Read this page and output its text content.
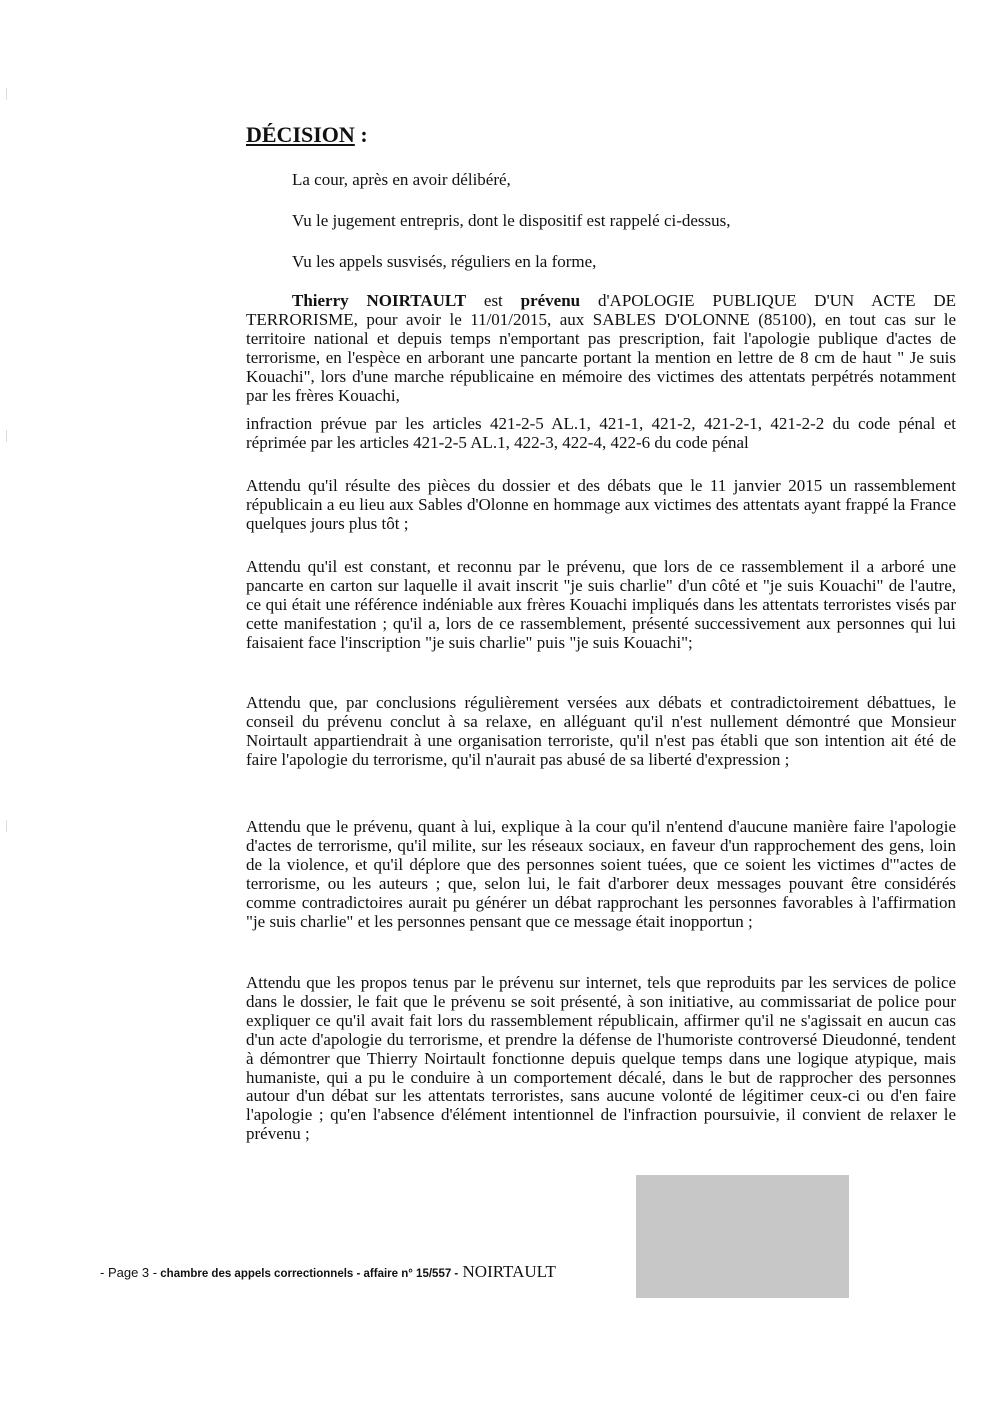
DÉCISION :

La cour, après en avoir délibéré,

Vu le jugement entrepris, dont le dispositif est rappelé ci-dessus,

Vu les appels susvisés, réguliers en la forme,

Thierry NOIRTAULT est prévenu d'APOLOGIE PUBLIQUE D'UN ACTE DE TERRORISME, pour avoir le 11/01/2015, aux SABLES D'OLONNE (85100), en tout cas sur le territoire national et depuis temps n'emportant pas prescription, fait l'apologie publique d'actes de terrorisme, en l'espèce en arborant une pancarte portant la mention en lettre de 8 cm de haut " Je suis Kouachi", lors d'une marche républicaine en mémoire des victimes des attentats perpétrés notamment par les frères Kouachi,
infraction prévue par les articles 421-2-5 AL.1, 421-1, 421-2, 421-2-1, 421-2-2 du code pénal et réprimée par les articles 421-2-5 AL.1, 422-3, 422-4, 422-6 du code pénal
Attendu qu'il résulte des pièces du dossier et des débats que le 11 janvier 2015 un rassemblement républicain a eu lieu aux Sables d'Olonne en hommage aux victimes des attentats ayant frappé la France quelques jours plus tôt ;
Attendu qu'il est constant, et reconnu par le prévenu, que lors de ce rassemblement il a arboré une pancarte en carton sur laquelle il avait inscrit "je suis charlie" d'un côté et "je suis Kouachi" de l'autre, ce qui était une référence indéniable aux frères Kouachi impliqués dans les attentats terroristes visés par cette manifestation ; qu'il a, lors de ce rassemblement, présenté successivement aux personnes qui lui faisaient face l'inscription "je suis charlie" puis "je suis Kouachi";
Attendu que, par conclusions régulièrement versées aux débats et contradictoirement débattues, le conseil du prévenu conclut à sa relaxe, en alléguant qu'il n'est nullement démontré que Monsieur Noirtault appartiendrait à une organisation terroriste, qu'il n'est pas établi que son intention ait été de faire l'apologie du terrorisme, qu'il n'aurait pas abusé de sa liberté d'expression ;
Attendu que le prévenu, quant à lui, explique à la cour qu'il n'entend d'aucune manière faire l'apologie d'actes de terrorisme, qu'il milite, sur les réseaux sociaux, en faveur d'un rapprochement des gens, loin de la violence, et qu'il déplore que des personnes soient tuées, que ce soient les victimes d'"actes de terrorisme, ou les auteurs ; que, selon lui, le fait d'arborer deux messages pouvant être considérés comme contradictoires aurait pu générer un débat rapprochant les personnes favorables à l'affirmation "je suis charlie" et les personnes pensant que ce message était inopportun ;
Attendu que les propos tenus par le prévenu sur internet, tels que reproduits par les services de police dans le dossier, le fait que le prévenu se soit présenté, à son initiative, au commissariat de police pour expliquer ce qu'il avait fait lors du rassemblement républicain, affirmer qu'il ne s'agissait en aucun cas d'un acte d'apologie du terrorisme, et prendre la défense de l'humoriste controversé Dieudonné, tendent à démontrer que Thierry Noirtault fonctionne depuis quelque temps dans une logique atypique, mais humaniste, qui a pu le conduire à un comportement décalé, dans le but de rapprocher des personnes autour d'un débat sur les attentats terroristes, sans aucune volonté de légitimer ceux-ci ou d'en faire l'apologie ; qu'en l'absence d'élément intentionnel de l'infraction poursuivie, il convient de relaxer le prévenu ;
- Page 3 - chambre des appels correctionnels - affaire n° 15/557 - NOIRTAULT
